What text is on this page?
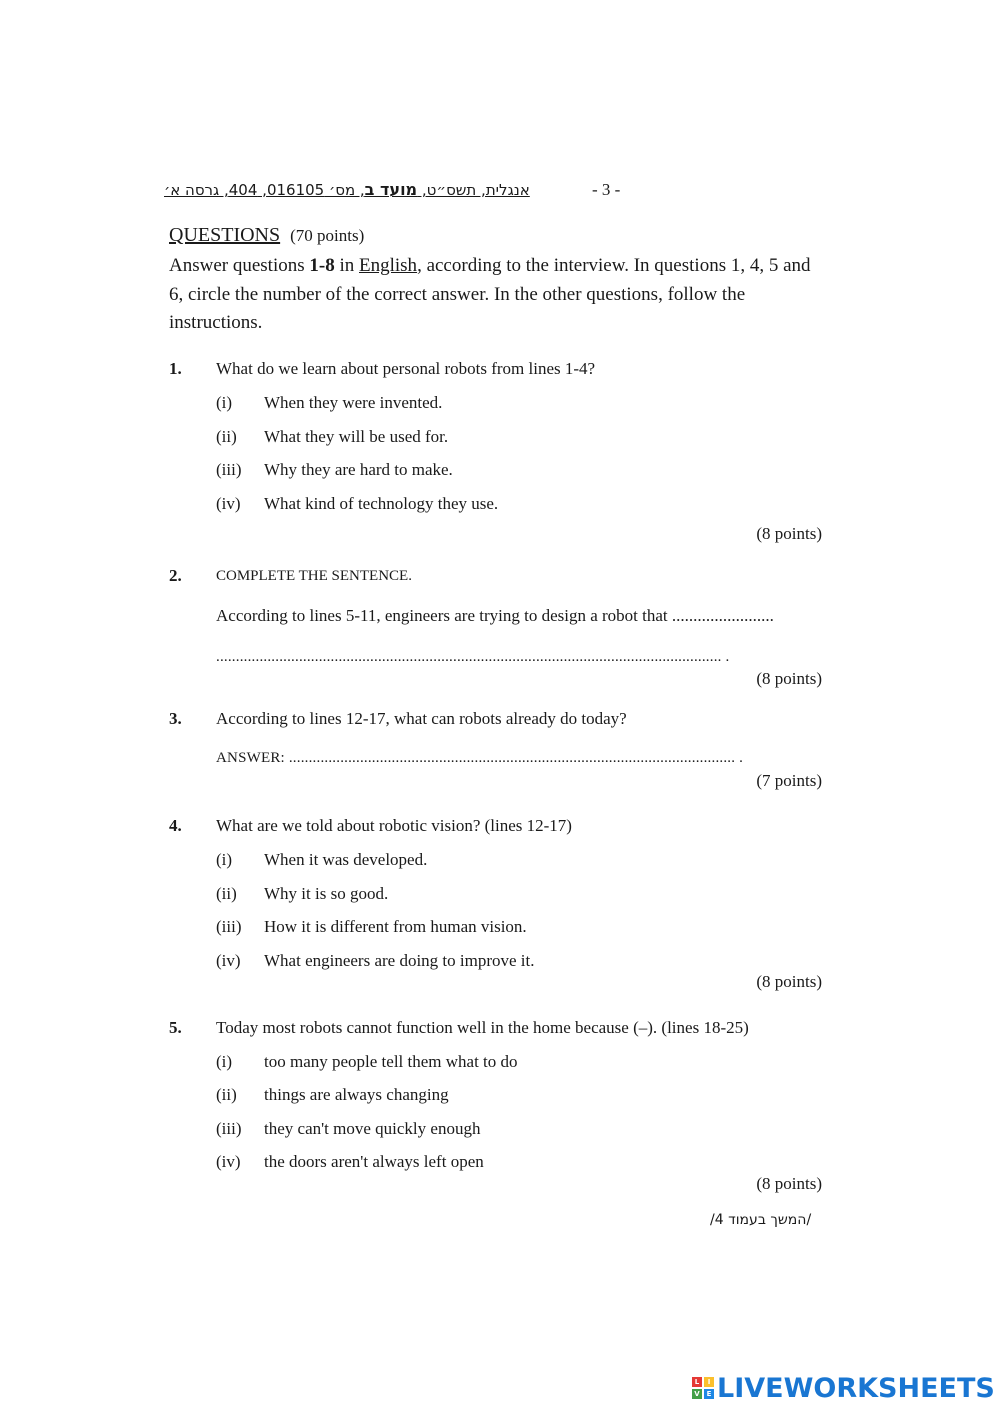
אנגלית, תשס״ט, מועד ב, מס׳ 016105, 404, גרסה א׳	- 3 -
QUESTIONS (70 points)
Answer questions 1-8 in English, according to the interview. In questions 1, 4, 5 and 6, circle the number of the correct answer. In the other questions, follow the instructions.
1. What do we learn about personal robots from lines 1-4?
(i) When they were invented.
(ii) What they will be used for.
(iii) Why they are hard to make.
(iv) What kind of technology they use.
(8 points)
2. COMPLETE THE SENTENCE.
According to lines 5-11, engineers are trying to design a robot that ........................
................................................................................................................................ .
(8 points)
3. According to lines 12-17, what can robots already do today?
ANSWER: ................................................................................................................. .
(7 points)
4. What are we told about robotic vision? (lines 12-17)
(i) When it was developed.
(ii) Why it is so good.
(iii) How it is different from human vision.
(iv) What engineers are doing to improve it.
(8 points)
5. Today most robots cannot function well in the home because (–). (lines 18-25)
(i) too many people tell them what to do
(ii) things are always changing
(iii) they can't move quickly enough
(iv) the doors aren't always left open
(8 points)
/המשך בעמוד 4/
L	I
V E LIVEWORKSHEETS
